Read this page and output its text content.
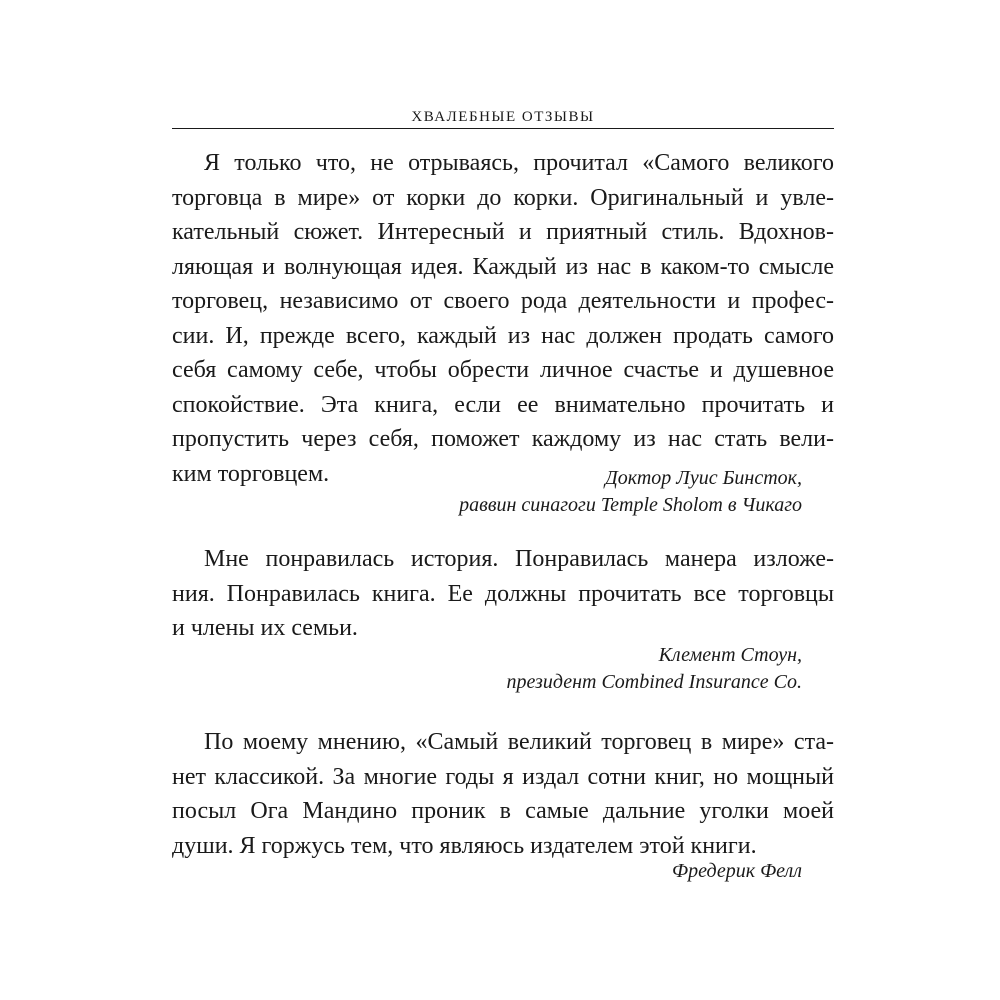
ХВАЛЕБНЫЕ ОТЗЫВЫ
Я только что, не отрываясь, прочитал «Самого великого
торговца в мире» от корки до корки. Оригинальный и увле-
кательный сюжет. Интересный и приятный стиль. Вдохнов-
ляющая и волнующая идея. Каждый из нас в каком-то смысле
торговец, независимо от своего рода деятельности и профес-
сии. И, прежде всего, каждый из нас должен продать самого
себя самому себе, чтобы обрести личное счастье и душевное
спокойствие. Эта книга, если ее внимательно прочитать и
пропустить через себя, поможет каждому из нас стать вели-
ким торговцем.	Доктор Луис Бинсток,
раввин синагоги Temple Sholom в Чикаго
Мне понравилась история. Понравилась манера изложе-
ния. Понравилась книга. Ее должны прочитать все торговцы
и члены их семьи.
Клемент Стоун,
президент Combined Insurance Co.
По моему мнению, «Самый великий торговец в мире» ста-
нет классикой. За многие годы я издал сотни книг, но мощный
посыл Ога Мандино проник в самые дальние уголки моей
души. Я горжусь тем, что являюсь издателем этой книги.
Фредерик Фелл
